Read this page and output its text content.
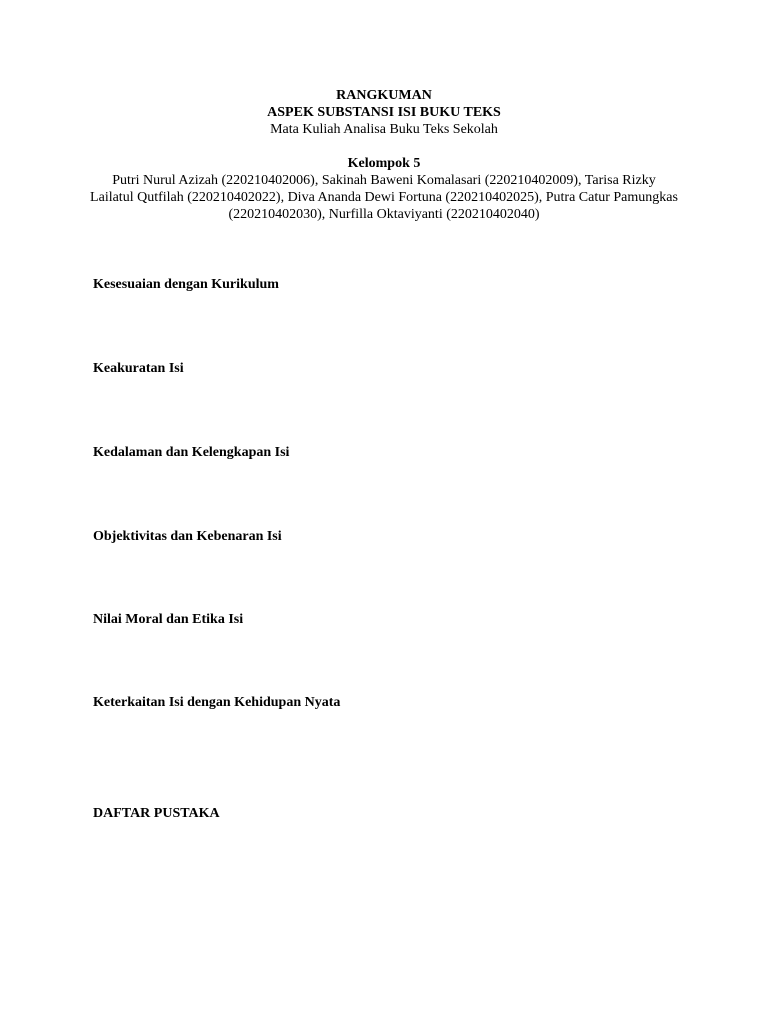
RANGKUMAN
ASPEK SUBSTANSI ISI BUKU TEKS
Mata Kuliah Analisa Buku Teks Sekolah
Kelompok 5
Putri Nurul Azizah (220210402006), Sakinah Baweni Komalasari (220210402009), Tarisa Rizky Lailatul Qutfilah (220210402022), Diva Ananda Dewi Fortuna (220210402025), Putra Catur Pamungkas (220210402030), Nurfilla Oktaviyanti (220210402040)
Kesesuaian dengan Kurikulum
Keakuratan Isi
Kedalaman dan Kelengkapan Isi
Objektivitas dan Kebenaran Isi
Nilai Moral dan Etika Isi
Keterkaitan Isi dengan Kehidupan Nyata
DAFTAR PUSTAKA
